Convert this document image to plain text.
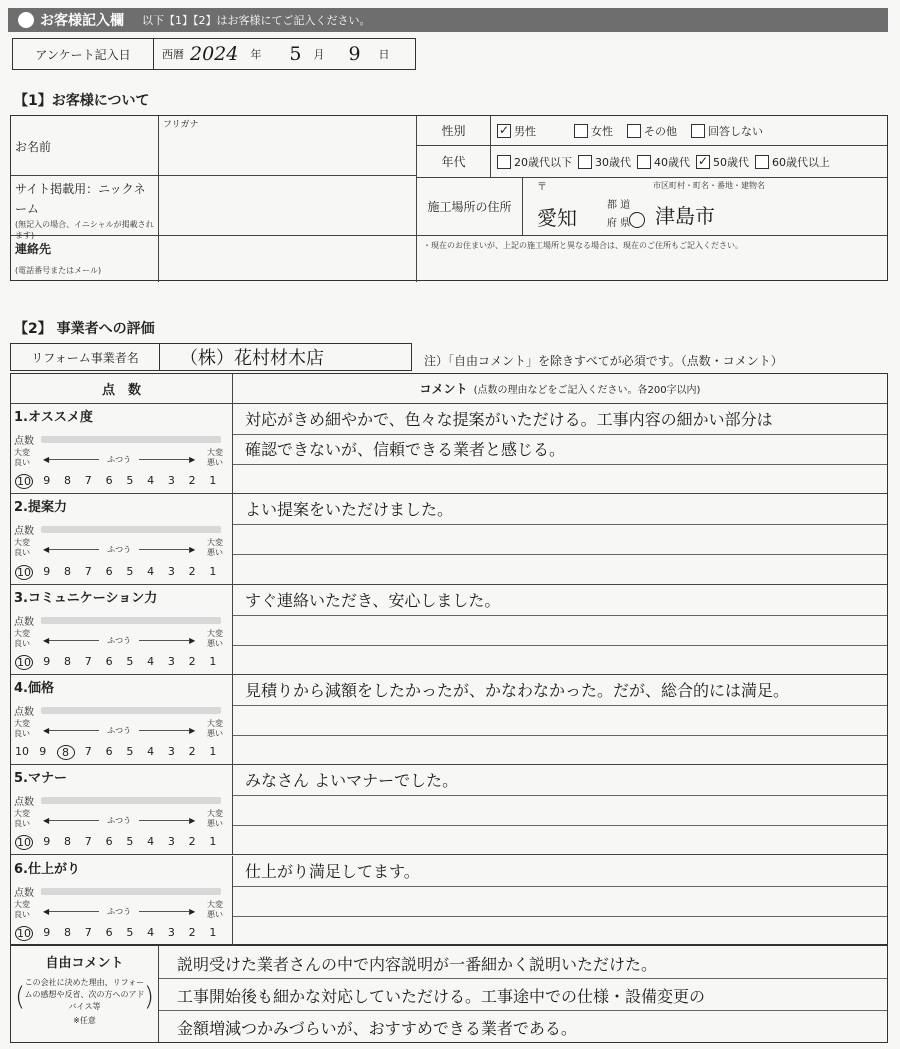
お客様記入欄 以下【1】【2】はお客様にてご記入ください。
アンケート記入日	西暦 2024 年 5 月 9 日
【1】お客様について
お名前
フリガナ
サイト掲載用：ニックネーム
(無記入の場合、イニシャルが掲載されます)
連絡先
(電話番号またはメール)
性別	✓ 男性	女性	その他	回答しない
年代	20歳代以下 30歳代 40歳代 ✓ 50歳代 60歳代以上
施工場所の住所
〒	市区町村・町名・番地・建物名
愛知
都 道
府 県 津島市
・現在のお住まいが、上記の施工場所と異なる場合は、現在のご住所もご記入ください。
【2】 事業者への評価
リフォーム事業者名	（株）花村材木店	注）「自由コメント」を除きすべてが必須です。（点数・コメント）
点　数	コメント (点数の理由などをご記入ください。各200字以内)
1.オススメ度
点数
大変良い
大変悪い
◀	ふつう	▶
10	9	8	7	6	5	4	3	2	1
対応がきめ細やかで、色々な提案がいただける。工事内容の細かい部分は
確認できないが、信頼できる業者と感じる。
2.提案力
点数
大変良い
大変悪い
◀	ふつう	▶
10	9	8	7	6	5	4	3	2	1
よい提案をいただけました。
3.コミュニケーション力
点数
大変良い
大変悪い
◀	ふつう	▶
10	9	8	7	6	5	4	3	2	1
すぐ連絡いただき、安心しました。
4.価格
点数
大変良い
大変悪い
◀	ふつう	▶
10 9	8	7	6	5	4	3	2	1
見積りから減額をしたかったが、かなわなかった。だが、総合的には満足。
5.マナー
点数
大変良い
大変悪い
◀	ふつう	▶
10	9	8	7	6	5	4	3	2	1
みなさん よいマナーでした。
6.仕上がり
点数
大変良い
大変悪い
◀	ふつう	▶
10	9	8	7	6	5	4	3	2	1
仕上がり満足してます。
自由コメント
この会社に決めた理由、リフォームの感想や反省、次の方へのアドバイス等
※任意
(	)
説明受けた業者さんの中で内容説明が一番細かく説明いただけた。
工事開始後も細かな対応していただける。工事途中での仕様・設備変更の
金額増減つかみづらいが、おすすめできる業者である。
